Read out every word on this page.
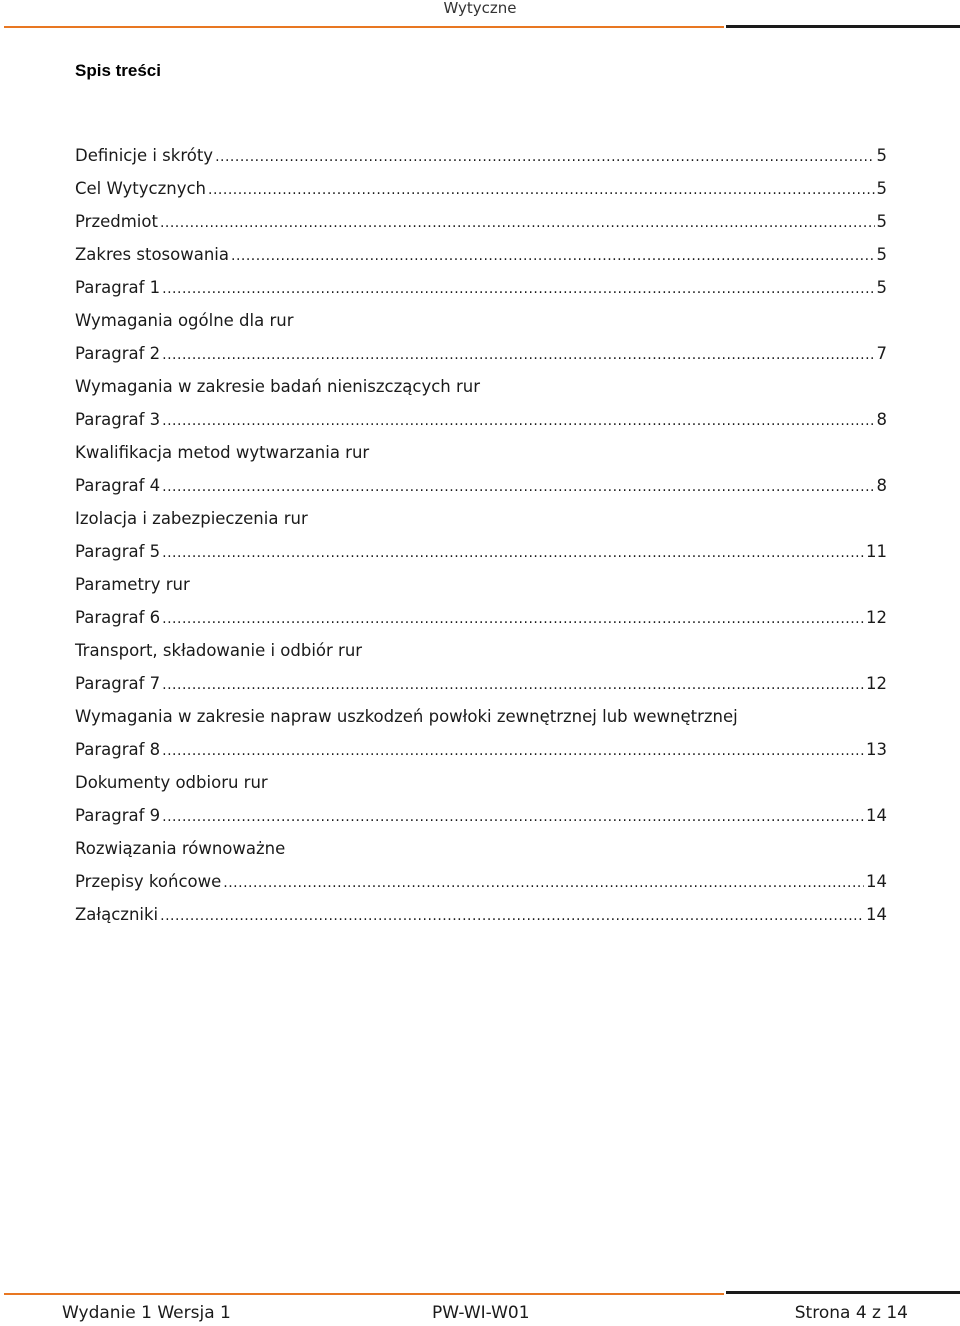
Wytyczne
Spis treści
Definicje i skróty .....	5
Cel Wytycznych .....	5
Przedmiot .....	5
Zakres stosowania .....	5
Paragraf 1 .....	5
Wymagania ogólne dla rur
Paragraf 2 .....	7
Wymagania w zakresie badań nieniszczących rur
Paragraf 3 .....	8
Kwalifikacja metod wytwarzania rur
Paragraf 4 .....	8
Izolacja i zabezpieczenia rur
Paragraf 5 .....	11
Parametry rur
Paragraf 6 .....	12
Transport, składowanie i odbiór rur
Paragraf 7 .....	12
Wymagania w zakresie napraw uszkodzeń powłoki zewnętrznej lub wewnętrznej
Paragraf 8 .....	13
Dokumenty odbioru rur
Paragraf 9 .....	14
Rozwiązania równoważne
Przepisy końcowe .....	14
Załączniki .....	14
Wydanie 1 Wersja 1	PW-WI-W01	Strona 4 z 14
